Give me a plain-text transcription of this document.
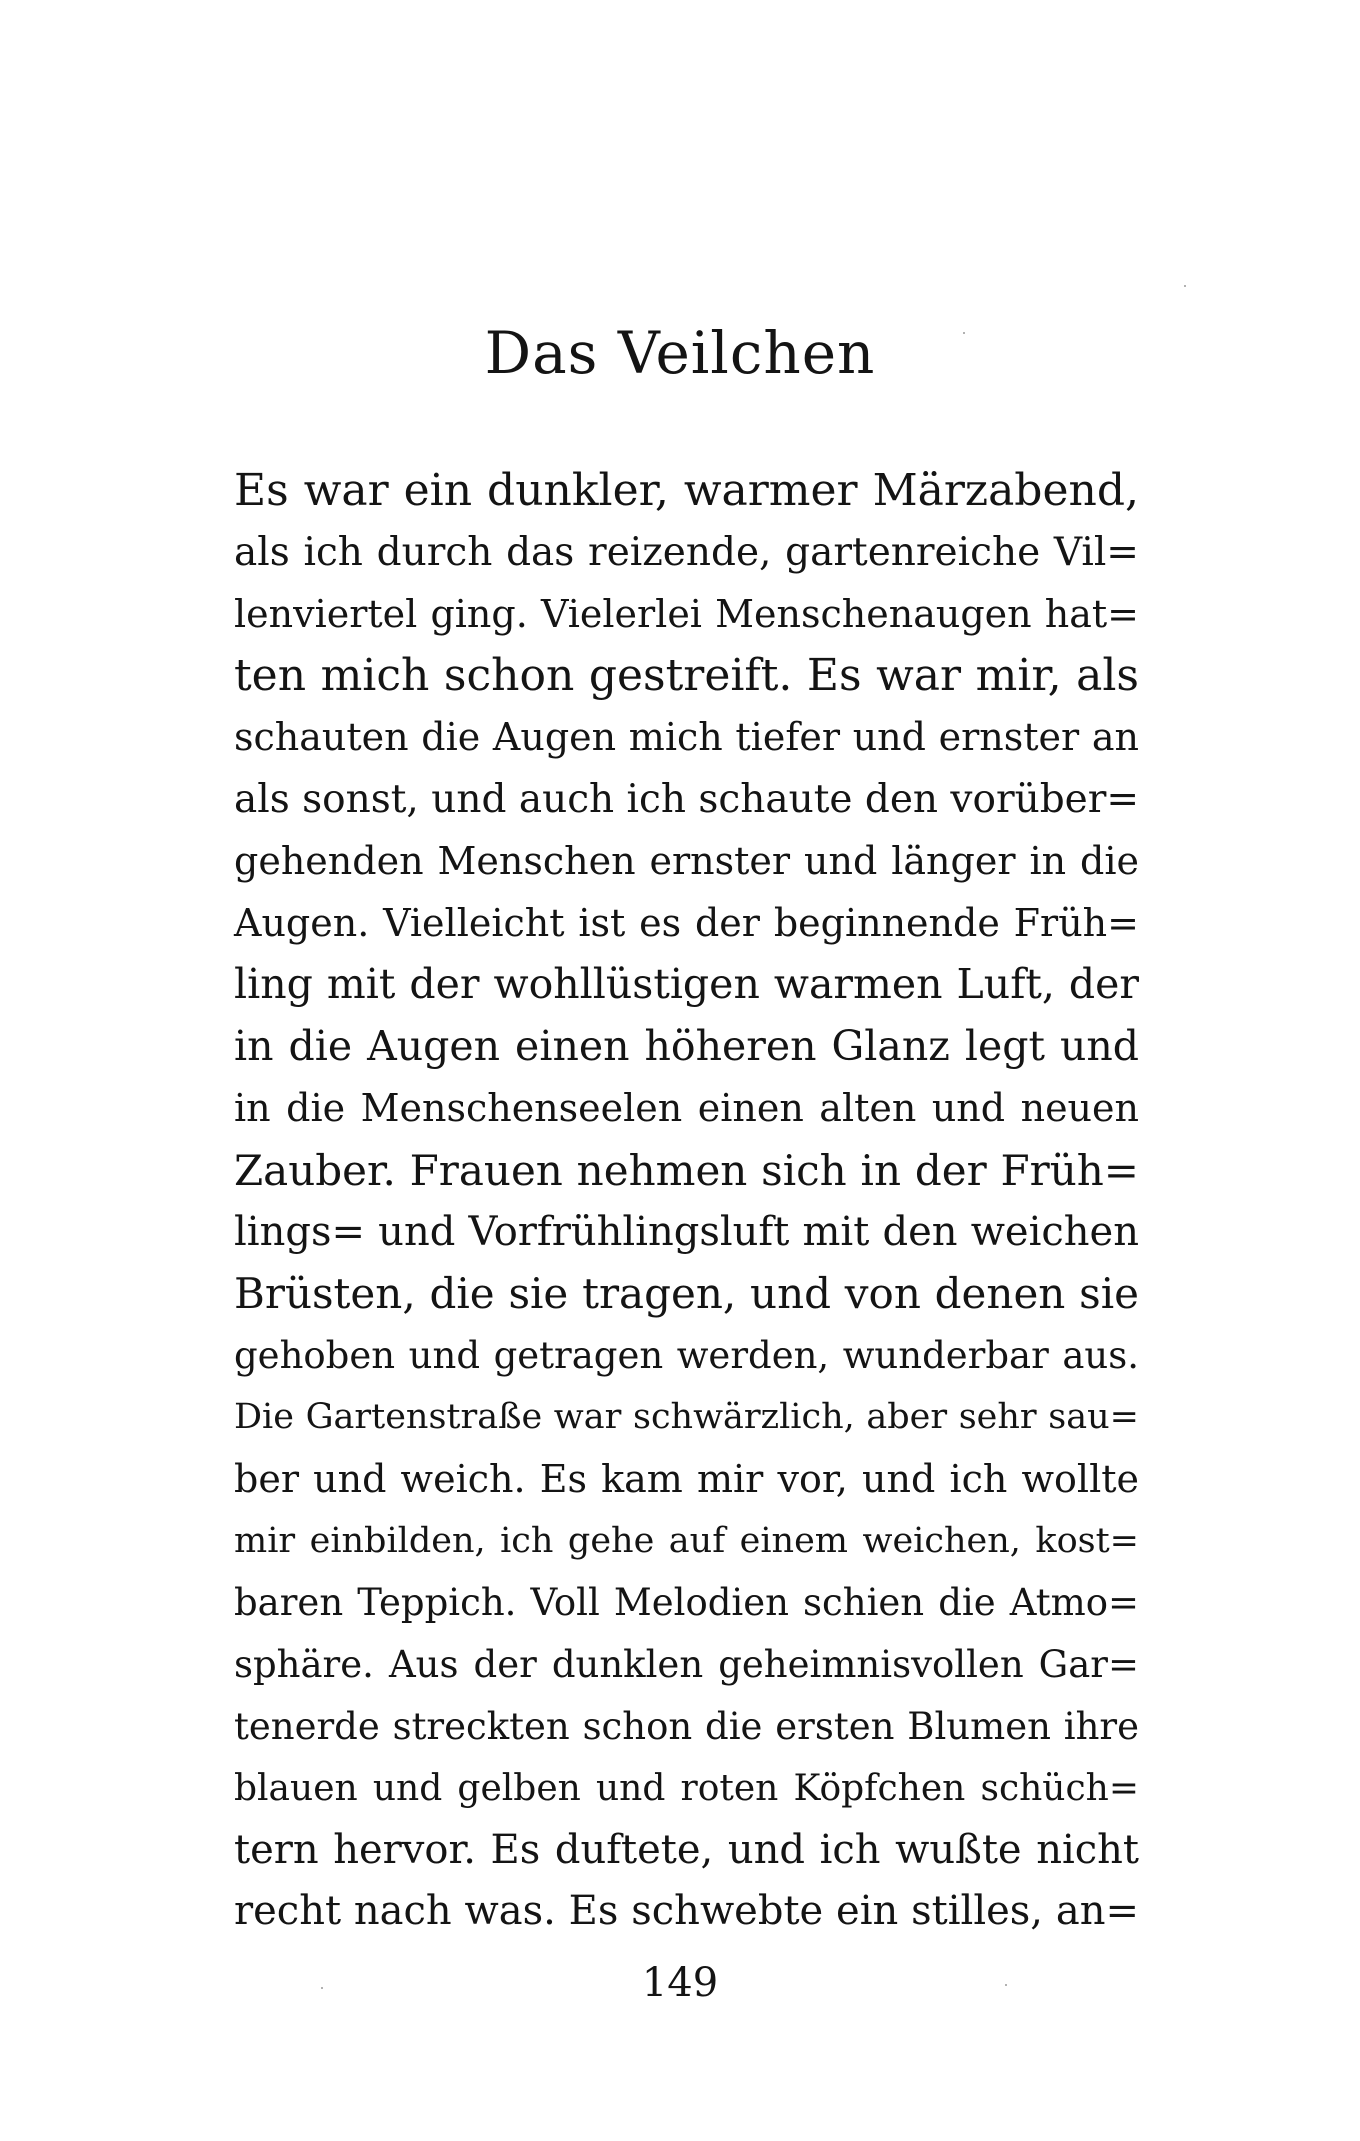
Das Veilchen
Es war ein dunkler, warmer Märzabend,
als ich durch das reizende, gartenreiche Vil=
lenviertel ging. Vielerlei Menschenaugen hat=
ten mich schon gestreift. Es war mir, als
schauten die Augen mich tiefer und ernster an
als sonst, und auch ich schaute den vorüber=
gehenden Menschen ernster und länger in die
Augen. Vielleicht ist es der beginnende Früh=
ling mit der wohllüstigen warmen Luft, der
in die Augen einen höheren Glanz legt und
in die Menschenseelen einen alten und neuen
Zauber. Frauen nehmen sich in der Früh=
lings= und Vorfrühlingsluft mit den weichen
Brüsten, die sie tragen, und von denen sie
gehoben und getragen werden, wunderbar aus.
Die Gartenstraße war schwärzlich, aber sehr sau=
ber und weich. Es kam mir vor, und ich wollte
mir einbilden, ich gehe auf einem weichen, kost=
baren Teppich. Voll Melodien schien die Atmo=
sphäre. Aus der dunklen geheimnisvollen Gar=
tenerde streckten schon die ersten Blumen ihre
blauen und gelben und roten Köpfchen schüch=
tern hervor. Es duftete, und ich wußte nicht
recht nach was. Es schwebte ein stilles, an=
149
